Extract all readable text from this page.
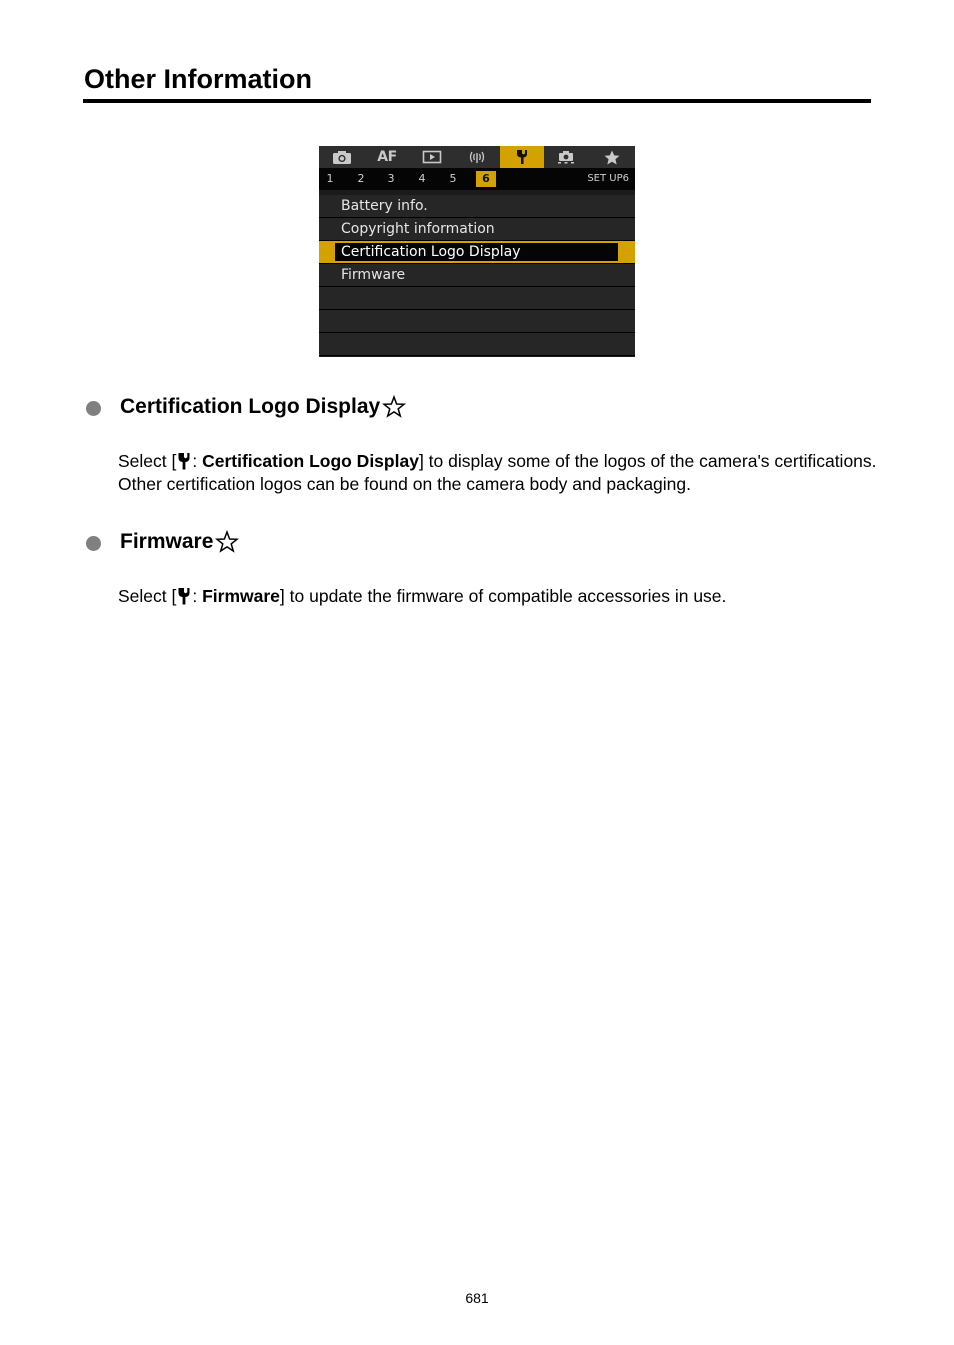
Other Information
AF
1	2	3	4	5	6	SET UP6
Battery info.
Copyright information
Certification Logo Display
Firmware
Certification Logo Display
Select [ : Certification Logo Display] to display some of the logos of the camera's certifications. Other certification logos can be found on the camera body and packaging.
Firmware
Select [ : Firmware] to update the firmware of compatible accessories in use.
681
